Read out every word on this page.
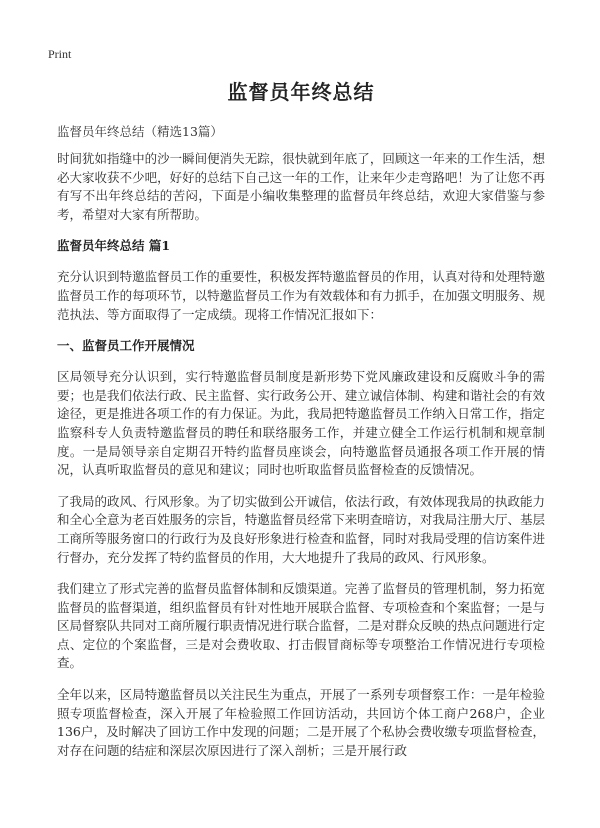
Print
监督员年终总结

监督员年终总结（精选13篇）

时间犹如指缝中的沙一瞬间便消失无踪，很快就到年底了，回顾这一年来的工作生活，想必大家收获不少吧，好好的总结下自己这一年的工作，让来年少走弯路吧！为了让您不再有写不出年终总结的苦闷，下面是小编收集整理的监督员年终总结，欢迎大家借鉴与参考，希望对大家有所帮助。

监督员年终总结 篇1

充分认识到特邀监督员工作的重要性，积极发挥特邀监督员的作用，认真对待和处理特邀监督员工作的每项环节，以特邀监督员工作为有效载体和有力抓手，在加强文明服务、规范执法、等方面取得了一定成绩。现将工作情况汇报如下：

一、监督员工作开展情况

区局领导充分认识到，实行特邀监督员制度是新形势下党风廉政建设和反腐败斗争的需要；也是我们依法行政、民主监督、实行政务公开、建立诚信体制、构建和谐社会的有效途径，更是推进各项工作的有力保证。为此，我局把特邀监督员工作纳入日常工作，指定监察科专人负责特邀监督员的聘任和联络服务工作，并建立健全工作运行机制和规章制度。一是局领导亲自定期召开特约监督员座谈会，向特邀监督员通报各项工作开展的情况，认真听取监督员的意见和建议；同时也听取监督员监督检查的反馈情况。

了我局的政风、行风形象。为了切实做到公开诚信，依法行政，有效体现我局的执政能力和全心全意为老百姓服务的宗旨，特邀监督员经常下来明查暗访，对我局注册大厅、基层工商所等服务窗口的行政行为及良好形象进行检查和监督，同时对我局受理的信访案件进行督办，充分发挥了特约监督员的作用，大大地提升了我局的政风、行风形象。

我们建立了形式完善的监督员监督体制和反馈渠道。完善了监督员的管理机制，努力拓宽监督员的监督渠道，组织监督员有针对性地开展联合监督、专项检查和个案监督；一是与区局督察队共同对工商所履行职责情况进行联合监督，二是对群众反映的热点问题进行定点、定位的个案监督，三是对会费收取、打击假冒商标等专项整治工作情况进行专项检查。

全年以来，区局特邀监督员以关注民生为重点，开展了一系列专项督察工作：一是年检验照专项监督检查，深入开展了年检验照工作回访活动，共回访个体工商户268户，企业136户，及时解决了回访工作中发现的问题；二是开展了个私协会费收缴专项监督检查，对存在问题的结症和深层次原因进行了深入剖析；三是开展行政
